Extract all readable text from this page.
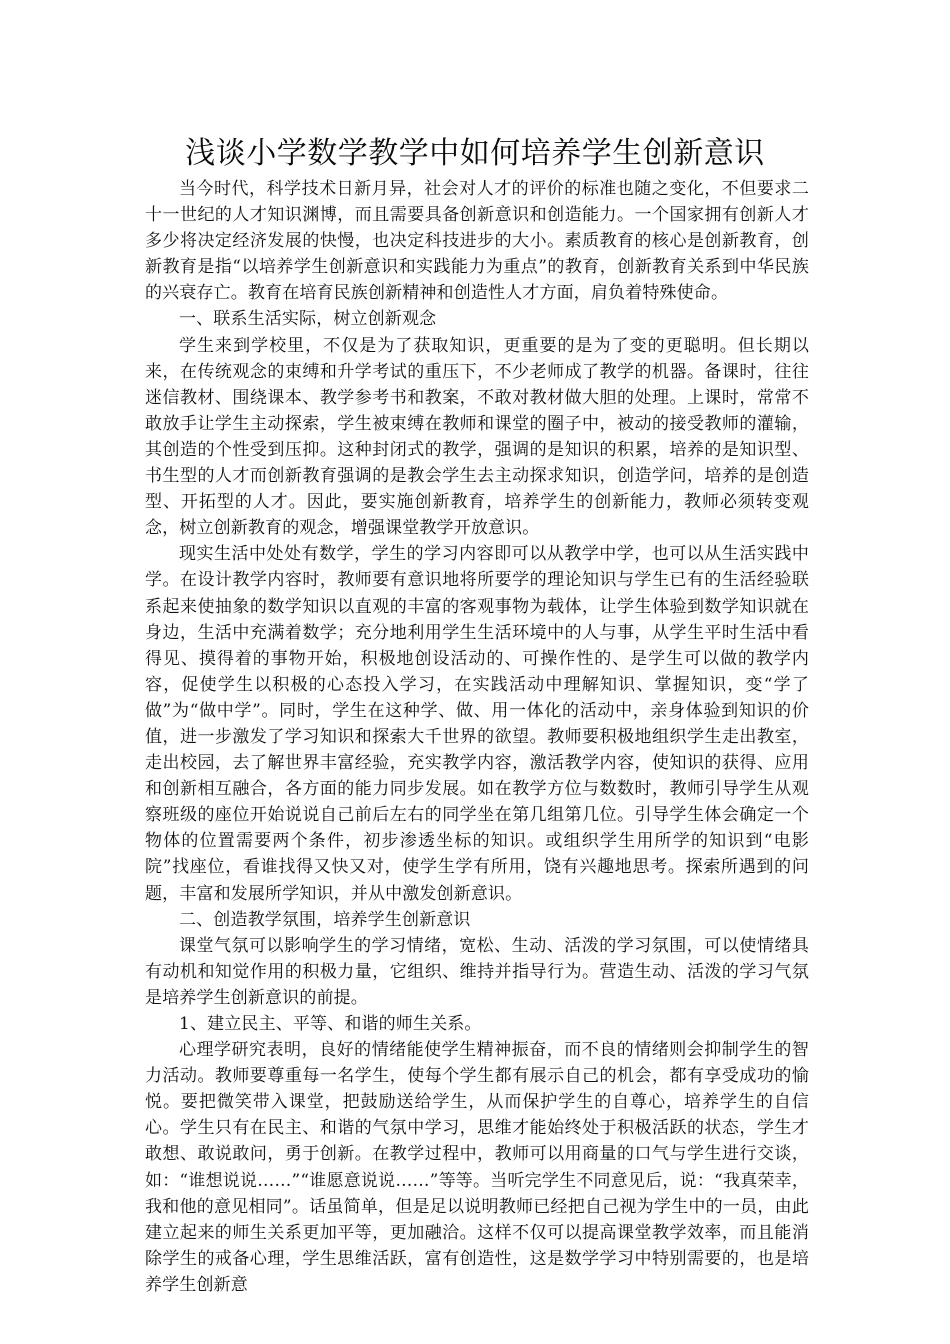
浅谈小学数学教学中如何培养学生创新意识

当今时代，科学技术日新月异，社会对人才的评价的标准也随之变化，不但要求二十一世纪的人才知识渊博，而且需要具备创新意识和创造能力。一个国家拥有创新人才多少将决定经济发展的快慢，也决定科技进步的大小。素质教育的核心是创新教育，创新教育是指“以培养学生创新意识和实践能力为重点”的教育，创新教育关系到中华民族的兴衰存亡。教育在培育民族创新精神和创造性人才方面，肩负着特殊使命。

一、联系生活实际，树立创新观念

学生来到学校里，不仅是为了获取知识，更重要的是为了变的更聪明。但长期以来，在传统观念的束缚和升学考试的重压下，不少老师成了教学的机器。备课时，往往迷信教材、围绕课本、教学参考书和教案，不敢对教材做大胆的处理。上课时，常常不敢放手让学生主动探索，学生被束缚在教师和课堂的圈子中，被动的接受教师的灌输，其创造的个性受到压抑。这种封闭式的教学，强调的是知识的积累，培养的是知识型、书生型的人才而创新教育强调的是教会学生去主动探求知识，创造学问，培养的是创造型、开拓型的人才。因此，要实施创新教育，培养学生的创新能力，教师必须转变观念，树立创新教育的观念，增强课堂教学开放意识。

现实生活中处处有数学，学生的学习内容即可以从教学中学，也可以从生活实践中学。在设计教学内容时，教师要有意识地将所要学的理论知识与学生已有的生活经验联系起来使抽象的数学知识以直观的丰富的客观事物为载体，让学生体验到数学知识就在身边，生活中充满着数学；充分地利用学生生活环境中的人与事，从学生平时生活中看得见、摸得着的事物开始，积极地创设活动的、可操作性的、是学生可以做的教学内容，促使学生以积极的心态投入学习，在实践活动中理解知识、掌握知识，变“学了做”为“做中学”。同时，学生在这种学、做、用一体化的活动中，亲身体验到知识的价值，进一步激发了学习知识和探索大千世界的欲望。教师要积极地组织学生走出教室，走出校园，去了解世界丰富经验，充实教学内容，激活教学内容，使知识的获得、应用和创新相互融合，各方面的能力同步发展。如在教学方位与数数时，教师引导学生从观察班级的座位开始说说自己前后左右的同学坐在第几组第几位。引导学生体会确定一个物体的位置需要两个条件，初步渗透坐标的知识。或组织学生用所学的知识到“电影院”找座位，看谁找得又快又对，使学生学有所用，饶有兴趣地思考。探索所遇到的问题，丰富和发展所学知识，并从中激发创新意识。

二、创造教学氛围，培养学生创新意识

课堂气氛可以影响学生的学习情绪，宽松、生动、活泼的学习氛围，可以使情绪具有动机和知觉作用的积极力量，它组织、维持并指导行为。营造生动、活泼的学习气氛是培养学生创新意识的前提。

1、建立民主、平等、和谐的师生关系。

心理学研究表明，良好的情绪能使学生精神振奋，而不良的情绪则会抑制学生的智力活动。教师要尊重每一名学生，使每个学生都有展示自己的机会，都有享受成功的愉悦。要把微笑带入课堂，把鼓励送给学生，从而保护学生的自尊心，培养学生的自信心。学生只有在民主、和谐的气氛中学习，思维才能始终处于积极活跃的状态，学生才敢想、敢说敢问，勇于创新。在教学过程中，教师可以用商量的口气与学生进行交谈，如：“谁想说说……”“谁愿意说说……”等等。当听完学生不同意见后，说：“我真荣幸，我和他的意见相同”。话虽简单，但是足以说明教师已经把自己视为学生中的一员，由此建立起来的师生关系更加平等，更加融洽。这样不仅可以提高课堂教学效率，而且能消除学生的戒备心理，学生思维活跃，富有创造性，这是数学学习中特别需要的，也是培养学生创新意
